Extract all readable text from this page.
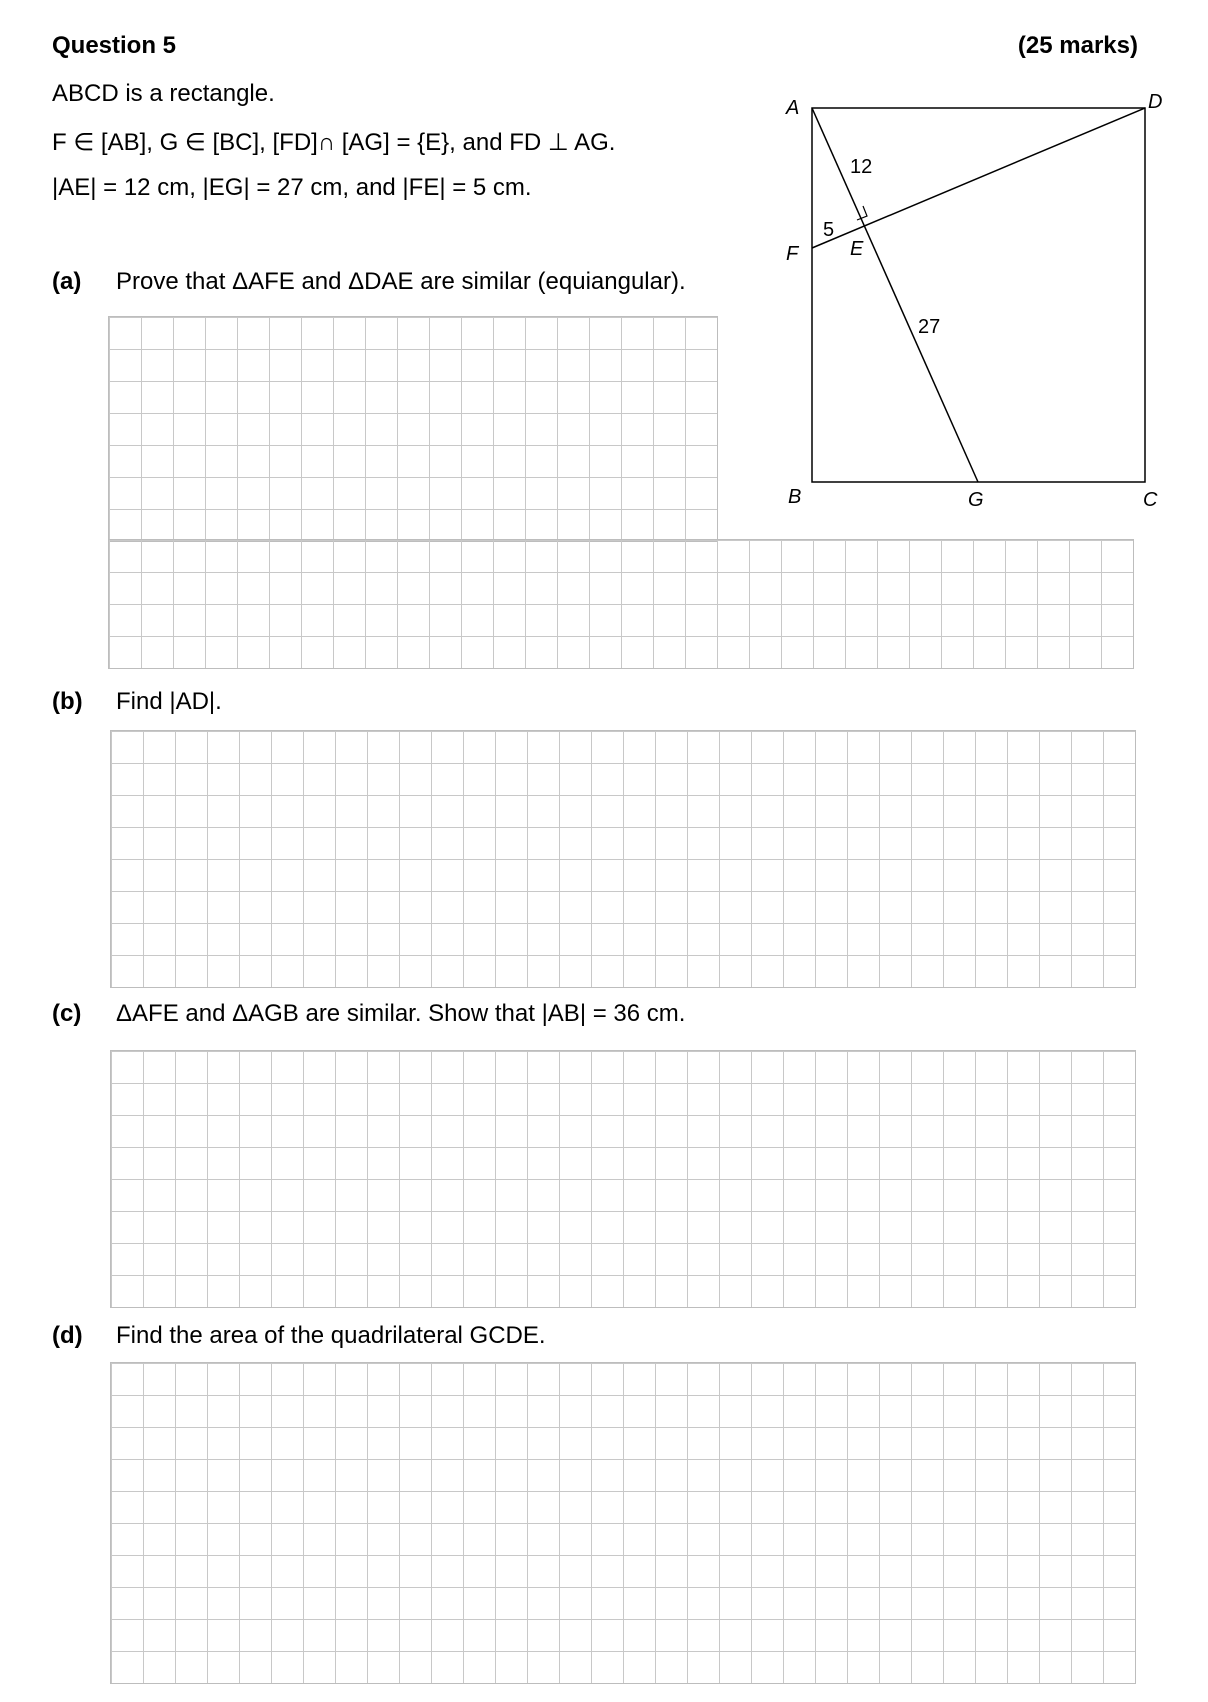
Question 5	(25 marks)
ABCD is a rectangle.
F ∈ [AB], G ∈ [BC], [FD]∩ [AG] = {E}, and FD ⊥ AG.
|AE| = 12 cm, |EG| = 27 cm, and |FE| = 5 cm.
A	D
F	E
B	G	C
12
5
27
(a) Prove that ΔAFE and ΔDAE are similar (equiangular).
(b) Find |AD|.
(c) ΔAFE and ΔAGB are similar. Show that |AB| = 36 cm.
(d) Find the area of the quadrilateral GCDE.
